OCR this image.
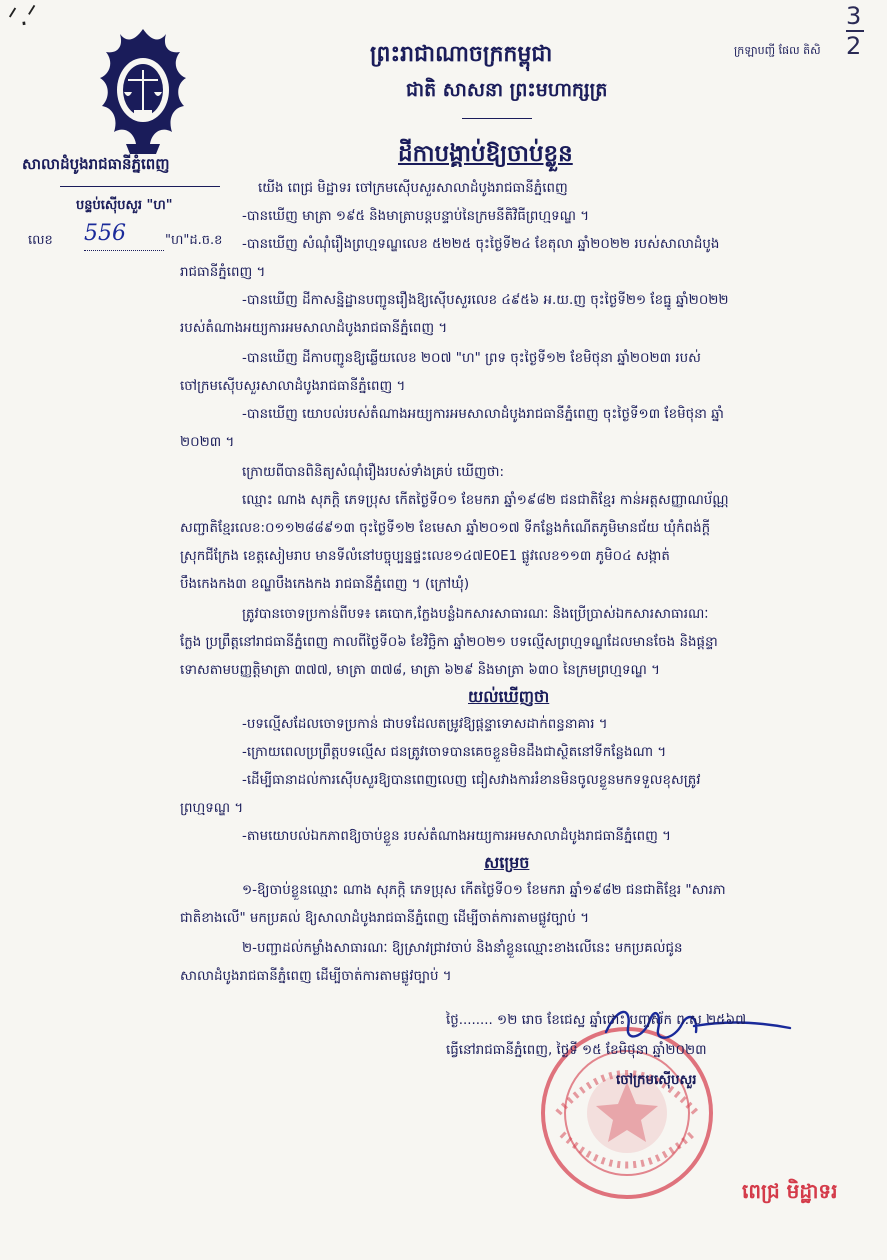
ᐟ.ᐟ	3
2
សាលាដំបូងរាជធានីភ្នំពេញ
បន្ទប់ស៊ើបសួរ "ហ"
លេខ 556	"ហ"ដ.ច.ខ
ព្រះរាជាណាចក្រកម្ពុជា
ជាតិ សាសនា ព្រះមហាក្សត្រ
ក្រឡាបញ្ជី ផែល តិសិ
ដីកាបង្គាប់ឱ្យចាប់ខ្លួន
យើង ពេជ្រ មិដ្ឋាទរ ចៅក្រមស៊ើបសួរសាលាដំបូងរាជធានីភ្នំពេញ
-បានឃើញ មាត្រា ១៩៥ និងមាត្រាបន្តបន្ទាប់នៃក្រមនីតិវិធីព្រហ្មទណ្ឌ ។
-បានឃើញ សំណុំរឿងព្រហ្មទណ្ឌលេខ ៥២២៥ ចុះថ្ងៃទី២៤ ខែតុលា ឆ្នាំ២០២២ របស់សាលាដំបូង
រាជធានីភ្នំពេញ ។
-បានឃើញ ដីកាសន្និដ្ឋានបញ្ជូនរឿងឱ្យស៊ើបសួរលេខ ៤៩៥៦ អ.យ.ញ ចុះថ្ងៃទី២១ ខែធ្នូ ឆ្នាំ២០២២
របស់តំណាងអយ្យការអមសាលាដំបូងរាជធានីភ្នំពេញ ។
-បានឃើញ ដីកាបញ្ជូនឱ្យឆ្លើយលេខ ២០៧ "ហ" ព្រទ ចុះថ្ងៃទី១២ ខែមិថុនា ឆ្នាំ២០២៣ របស់
ចៅក្រមស៊ើបសួរសាលាដំបូងរាជធានីភ្នំពេញ ។
-បានឃើញ យោបល់របស់តំណាងអយ្យការអមសាលាដំបូងរាជធានីភ្នំពេញ ចុះថ្ងៃទី១៣ ខែមិថុនា ឆ្នាំ
២០២៣ ។
ក្រោយពីបានពិនិត្យសំណុំរឿងរបស់ទាំងគ្រប់ ឃើញថា:
ឈ្មោះ ណាង សុភក្តិ ភេទប្រុស កើតថ្ងៃទី០១ ខែមករា ឆ្នាំ១៩៨២ ជនជាតិខ្មែរ កាន់អត្តសញ្ញាណប័ណ្ណ
សញ្ជាតិខ្មែរលេខ:០១១២៨៨៩១៣ ចុះថ្ងៃទី១២ ខែមេសា ឆ្នាំ២០១៧ ទីកន្លែងកំណើតភូមិមានជ័យ ឃុំកំពង់ក្តី
ស្រុកជីក្រែង ខេត្តសៀមរាប មានទីលំនៅបច្ចុប្បន្នផ្ទះលេខ១៤៧E0E1 ផ្លូវលេខ១១៣ ភូមិ០៤ សង្កាត់
បឹងកេងកង៣ ខណ្ឌបឹងកេងកង រាជធានីភ្នំពេញ ។ (ក្រៅឃុំ)
ត្រូវបានចោទប្រកាន់ពីបទ៖ គេបោក,ក្លែងបន្លំឯកសារសាធារណៈ និងប្រើប្រាស់ឯកសារសាធារណៈ
ក្លែង ប្រព្រឹត្តនៅរាជធានីភ្នំពេញ កាលពីថ្ងៃទី០៦ ខែវិច្ឆិកា ឆ្នាំ២០២១ បទល្មើសព្រហ្មទណ្ឌដែលមានចែង និងផ្តន្ទា
ទោសតាមបញ្ញត្តិមាត្រា ៣៧៧, មាត្រា ៣៧៨, មាត្រា ៦២៩ និងមាត្រា ៦៣០ នៃក្រមព្រហ្មទណ្ឌ ។
យល់ឃើញថា
-បទល្មើសដែលចោទប្រកាន់ ជាបទដែលតម្រូវឱ្យផ្តន្ទាទោសដាក់ពន្ធនាគារ ។
-ក្រោយពេលប្រព្រឹត្តបទល្មើស ជនត្រូវចោទបានគេចខ្លួនមិនដឹងជាស្ថិតនៅទីកន្លែងណា ។
-ដើម្បីធានាដល់ការស៊ើបសួរឱ្យបានពេញលេញ ជៀសវាងការរំខានមិនចូលខ្លួនមកទទួលខុសត្រូវ
ព្រហ្មទណ្ឌ ។
-តាមយោបល់ឯកភាពឱ្យចាប់ខ្លួន របស់តំណាងអយ្យការអមសាលាដំបូងរាជធានីភ្នំពេញ ។
សម្រេច
១-ឱ្យចាប់ខ្លួនឈ្មោះ ណាង សុភក្តិ ភេទប្រុស កើតថ្ងៃទី០១ ខែមករា ឆ្នាំ១៩៨២ ជនជាតិខ្មែរ "សារភា
ជាតិខាងលើ" មកប្រគល់ ឱ្យសាលាដំបូងរាជធានីភ្នំពេញ ដើម្បីចាត់ការតាមផ្លូវច្បាប់ ។
២-បញ្ជាដល់កម្លាំងសាធារណៈ ឱ្យស្រាវជ្រាវចាប់ និងនាំខ្លួនឈ្មោះខាងលើនេះ មកប្រគល់ជូន
សាលាដំបូងរាជធានីភ្នំពេញ ដើម្បីចាត់ការតាមផ្លូវច្បាប់ ។
ថ្ងៃ........ ១២ រោច ខែជេស្ឋ ឆ្នាំថោះ បញ្ចស័ក ព.ស ២៥៦៧
ធ្វើនៅរាជធានីភ្នំពេញ, ថ្ងៃទី ១៥ ខែមិថុនា ឆ្នាំ២០២៣
ចៅក្រមស៊ើបសួរ
ពេជ្រ មិដ្ឋាទរ
